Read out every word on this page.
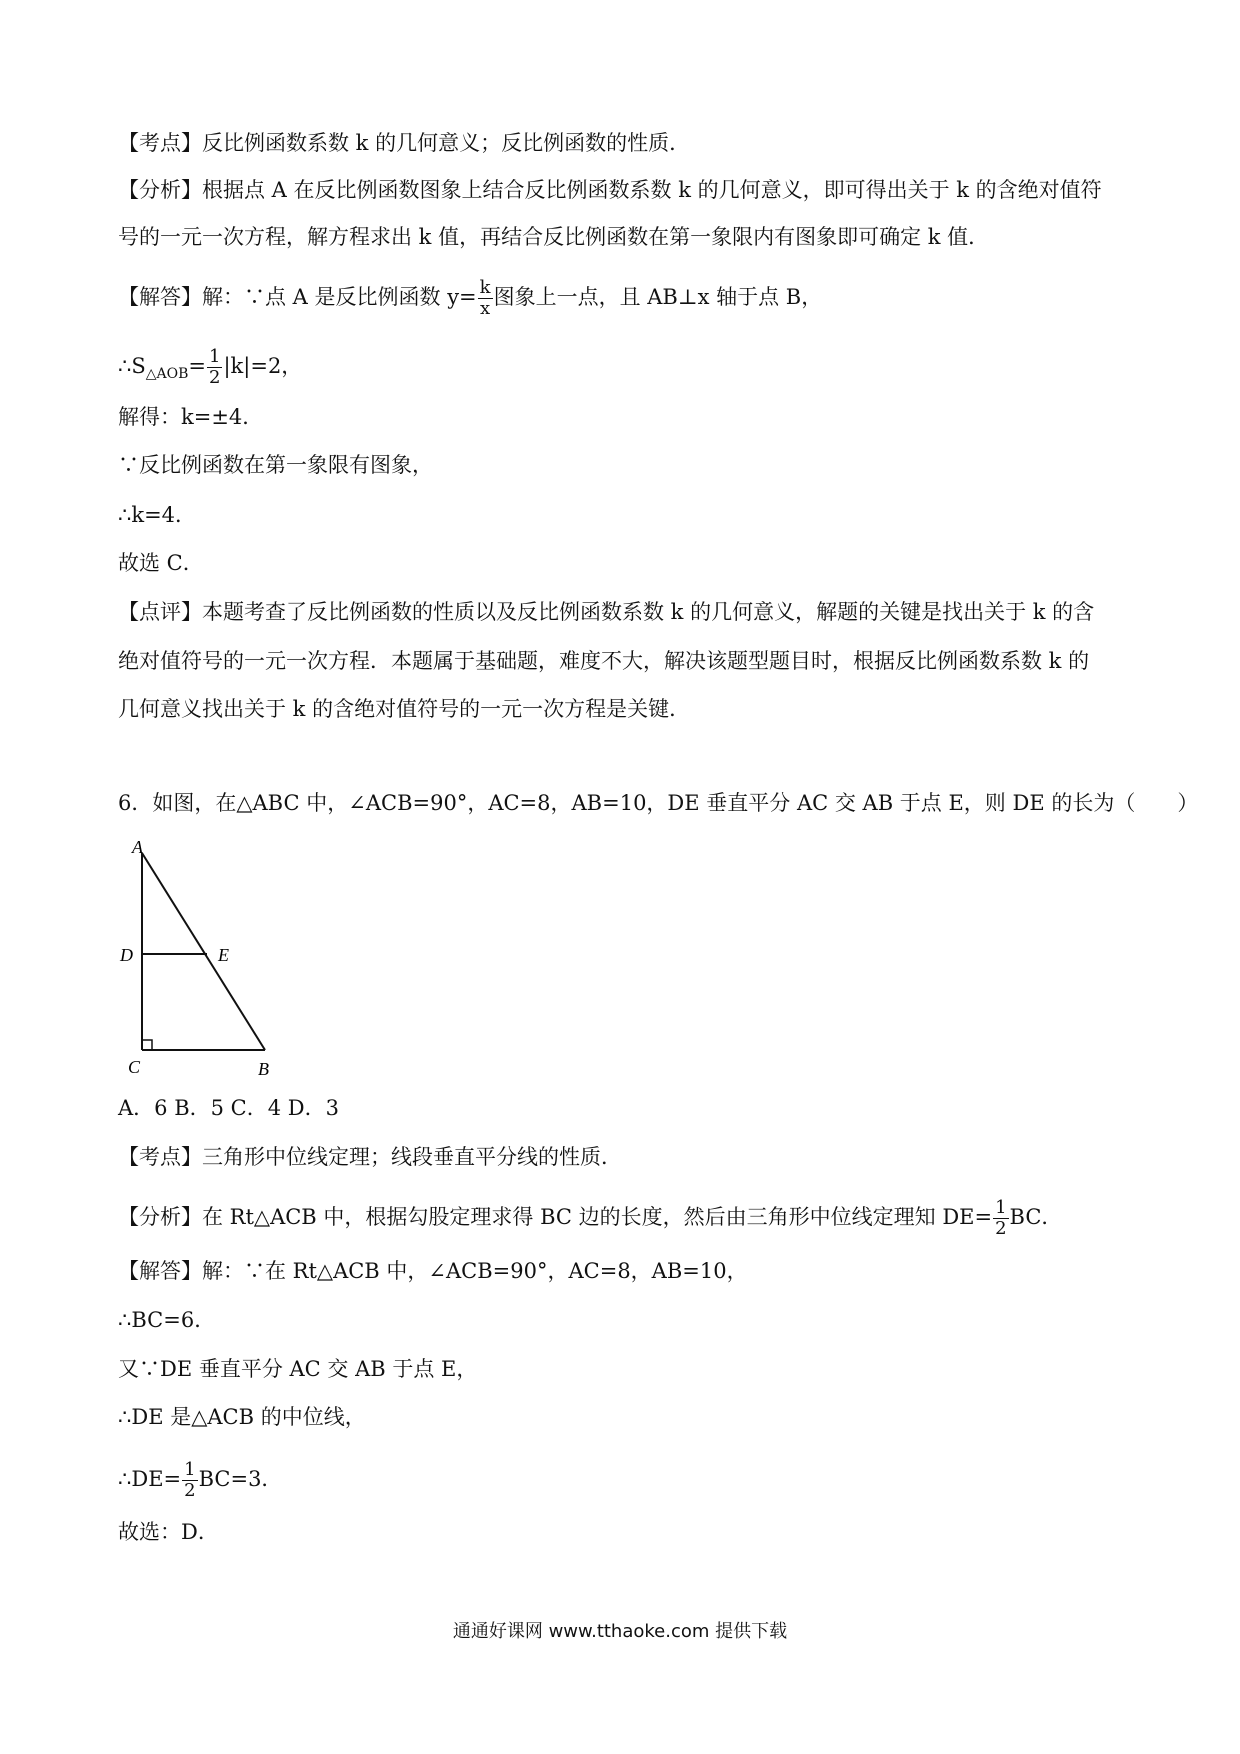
【考点】反比例函数系数 k 的几何意义；反比例函数的性质．
【分析】根据点 A 在反比例函数图象上结合反比例函数系数 k 的几何意义，即可得出关于 k 的含绝对值符
号的一元一次方程，解方程求出 k 值，再结合反比例函数在第一象限内有图象即可确定 k 值．
【解答】解：∵点 A 是反比例函数 $y= \frac{k}{x}$ 图象上一点，且 AB⊥x 轴于点 B，
$\therefore S_{\triangle AOB}= \frac{1}{2} |k|=2$，
解得：k=±4．
∵反比例函数在第一象限有图象，
∴k=4．
故选 C．
【点评】本题考查了反比例函数的性质以及反比例函数系数 k 的几何意义，解题的关键是找出关于 k 的含
绝对值符号的一元一次方程．本题属于基础题，难度不大，解决该题型题目时，根据反比例函数系数 k 的
几何意义找出关于 k 的含绝对值符号的一元一次方程是关键．
6．如图，在△ABC 中，∠ACB=90°，AC=8，AB=10，DE 垂直平分 AC 交 AB 于点 E，则 DE 的长为（　　）
A
D	E
C	B
A．6 B．5 C．4 D．3
【考点】三角形中位线定理；线段垂直平分线的性质．
【分析】在 Rt△ACB 中，根据勾股定理求得 BC 边的长度，然后由三角形中位线定理知 $DE= \frac{1}{2}$ BC．
【解答】解：∵在 Rt△ACB 中，∠ACB=90°，AC=8，AB=10，
∴BC=6．
又∵DE 垂直平分 AC 交 AB 于点 E，
∴DE 是△ACB 的中位线，
∴DE= $\frac{1}{2} BC=3$．
故选：D．
通通好课网 www.tthaoke.com 提供下载
